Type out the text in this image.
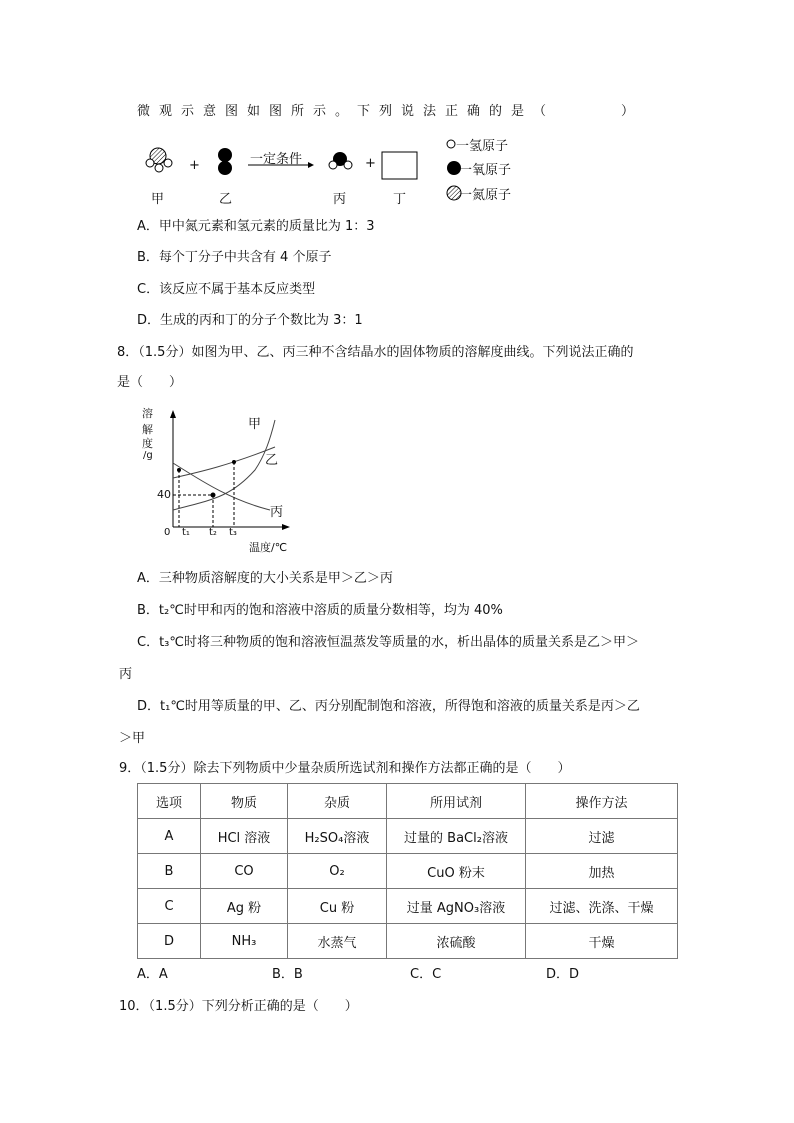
微观示意图如图所示。下列说法正确的是（　　　）
+	+
一定条件
甲	乙	丙	丁
一氢原子
一氧原子
一氮原子
A．甲中氮元素和氢元素的质量比为 1：3
B．每个丁分子中共含有 4 个原子
C．该反应不属于基本反应类型
D．生成的丙和丁的分子个数比为 3：1
8．（1.5分）如图为甲、乙、丙三种不含结晶水的固体物质的溶解度曲线。下列说法正确的
是（　　）
溶
解
度
/g
40
0 t₁ t₂ t₃
温度/℃
甲
乙
丙
A．三种物质溶解度的大小关系是甲＞乙＞丙
B．t₂℃时甲和丙的饱和溶液中溶质的质量分数相等，均为 40%
C．t₃℃时将三种物质的饱和溶液恒温蒸发等质量的水，析出晶体的质量关系是乙＞甲＞
丙
D．t₁℃时用等质量的甲、乙、丙分别配制饱和溶液，所得饱和溶液的质量关系是丙＞乙
＞甲
9．（1.5分）除去下列物质中少量杂质所选试剂和操作方法都正确的是（　　）
选项	物质	杂质	所用试剂	操作方法
A	HCl 溶液	H₂SO₄溶液	过量的 BaCl₂溶液	过滤
B	CO	O₂	CuO 粉末	加热
C	Ag 粉	Cu 粉	过量 AgNO₃溶液	过滤、洗涤、干燥
D	NH₃	水蒸气	浓硫酸	干燥
A．A	B．B	C．C	D．D
10．（1.5分）下列分析正确的是（　　）
